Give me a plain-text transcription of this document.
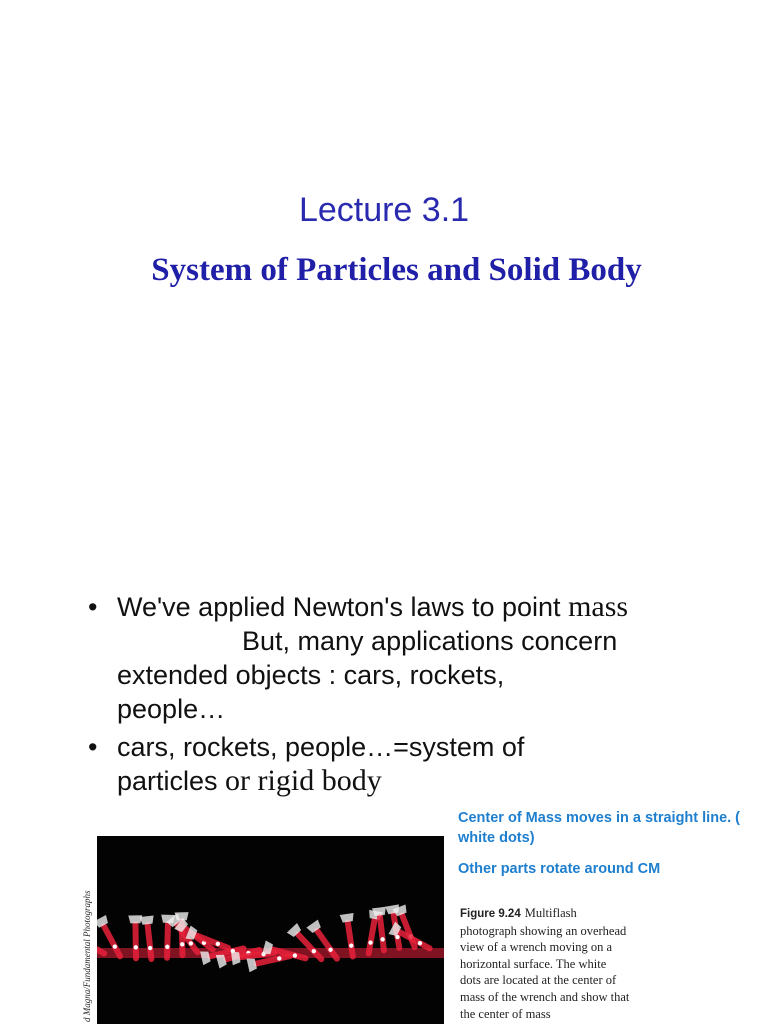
Lecture 3.1
System of Particles and Solid Body
• We've applied Newton's laws to point mass
But, many applications concern
extended objects : cars, rockets,
people…
• cars, rockets, people…=system of
particles or rigid body
Center of Mass moves in a straight line. ( white dots)
Other parts rotate around CM
d Magna/Fundamental Photographs	Figure 9.24 Multiflash photograph showing an overhead view of a wrench moving on a horizontal surface. The white dots are located at the center of mass of the wrench and show that the center of mass
